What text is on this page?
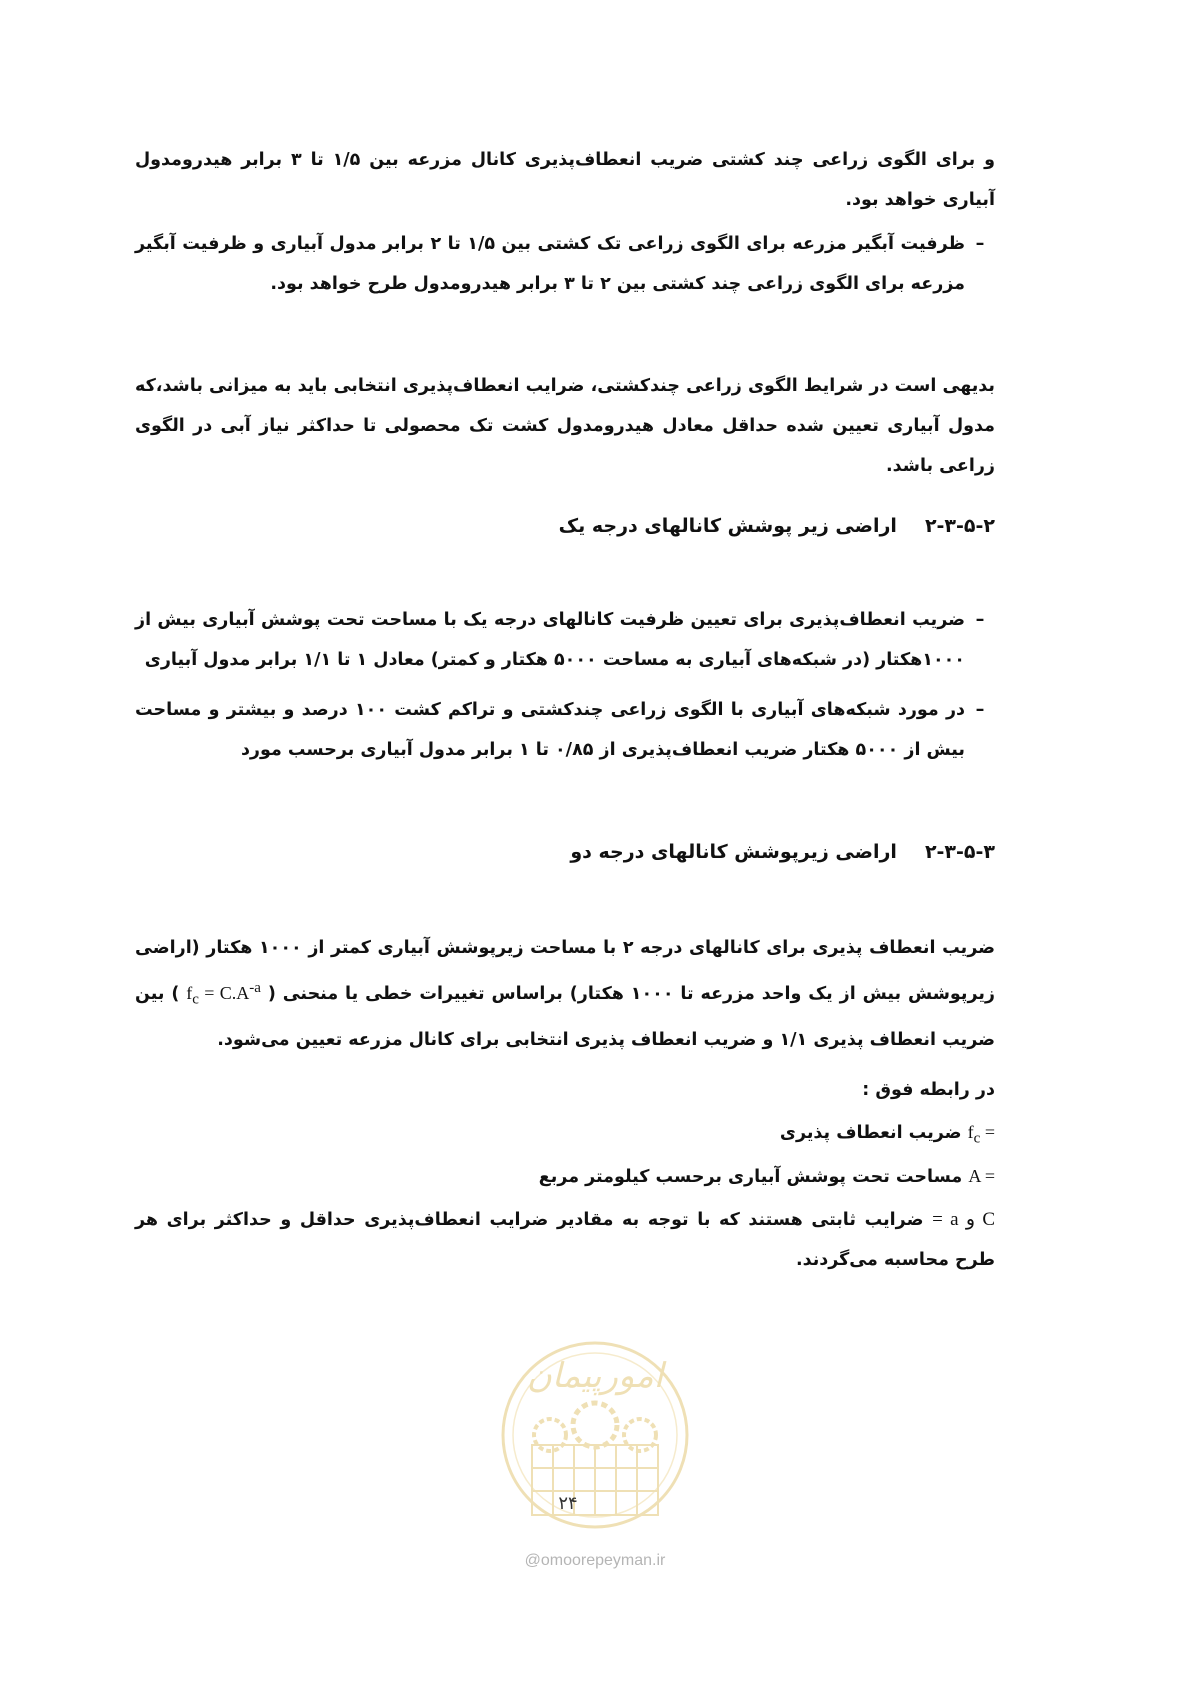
و برای الگوی زراعی چند کشتی ضریب انعطاف‌پذیری کانال مزرعه بین ۱/۵ تا ۳ برابر هیدرومدول آبیاری خواهد بود.
–
ظرفیت آبگیر مزرعه برای الگوی زراعی تک کشتی بین ۱/۵ تا ۲ برابر مدول آبیاری و ظرفیت آبگیر مزرعه برای الگوی زراعی چند کشتی بین ۲ تا ۳ برابر هیدرومدول طرح خواهد بود.
بدیهی است در شرایط الگوی زراعی چندکشتی، ضرایب انعطاف‌پذیری انتخابی باید به میزانی باشد،که مدول آبیاری تعیین شده حداقل معادل هیدرومدول کشت تک محصولی تا حداکثر نیاز آبی در الگوی زراعی باشد.
۲-۳-۵-۲اراضی زیر پوشش کانالهای درجه یک
–
ضریب انعطاف‌پذیری برای تعیین ظرفیت کانالهای درجه یک با مساحت تحت پوشش آبیاری بیش از ۱۰۰۰هکتار (در شبکه‌های آبیاری به مساحت ۵۰۰۰ هکتار و کمتر) معادل ۱ تا ۱/۱ برابر مدول آبیاری
–
در مورد شبکه‌های آبیاری با الگوی زراعی چندکشتی و تراکم کشت ۱۰۰ درصد و بیشتر و مساحت بیش از ۵۰۰۰ هکتار ضریب انعطاف‌پذیری از ۰/۸۵ تا ۱ برابر مدول آبیاری برحسب مورد
۲-۳-۵-۳اراضی زیرپوشش کانالهای درجه دو
ضریب انعطاف پذیری برای کانالهای درجه ۲ با مساحت زیرپوشش آبیاری کمتر از ۱۰۰۰ هکتار (اراضی زیرپوشش بیش از یک واحد مزرعه تا ۱۰۰۰ هکتار) براساس تغییرات خطی یا منحنی ( $f_c = C.A^{-a}$ ) بین ضریب انعطاف پذیری ۱/۱ و ضریب انعطاف پذیری انتخابی برای کانال مزرعه تعیین می‌شود.
در رابطه فوق :
$f_c$ = ضریب انعطاف پذیری
A = مساحت تحت پوشش آبیاری برحسب کیلومتر مربع
C و a = ضرایب ثابتی هستند که با توجه به مقادیر ضرایب انعطاف‌پذیری حداقل و حداکثر برای هر طرح محاسبه می‌گردند.
امورپیمان
۲۴
@omoorepeyman.ir
